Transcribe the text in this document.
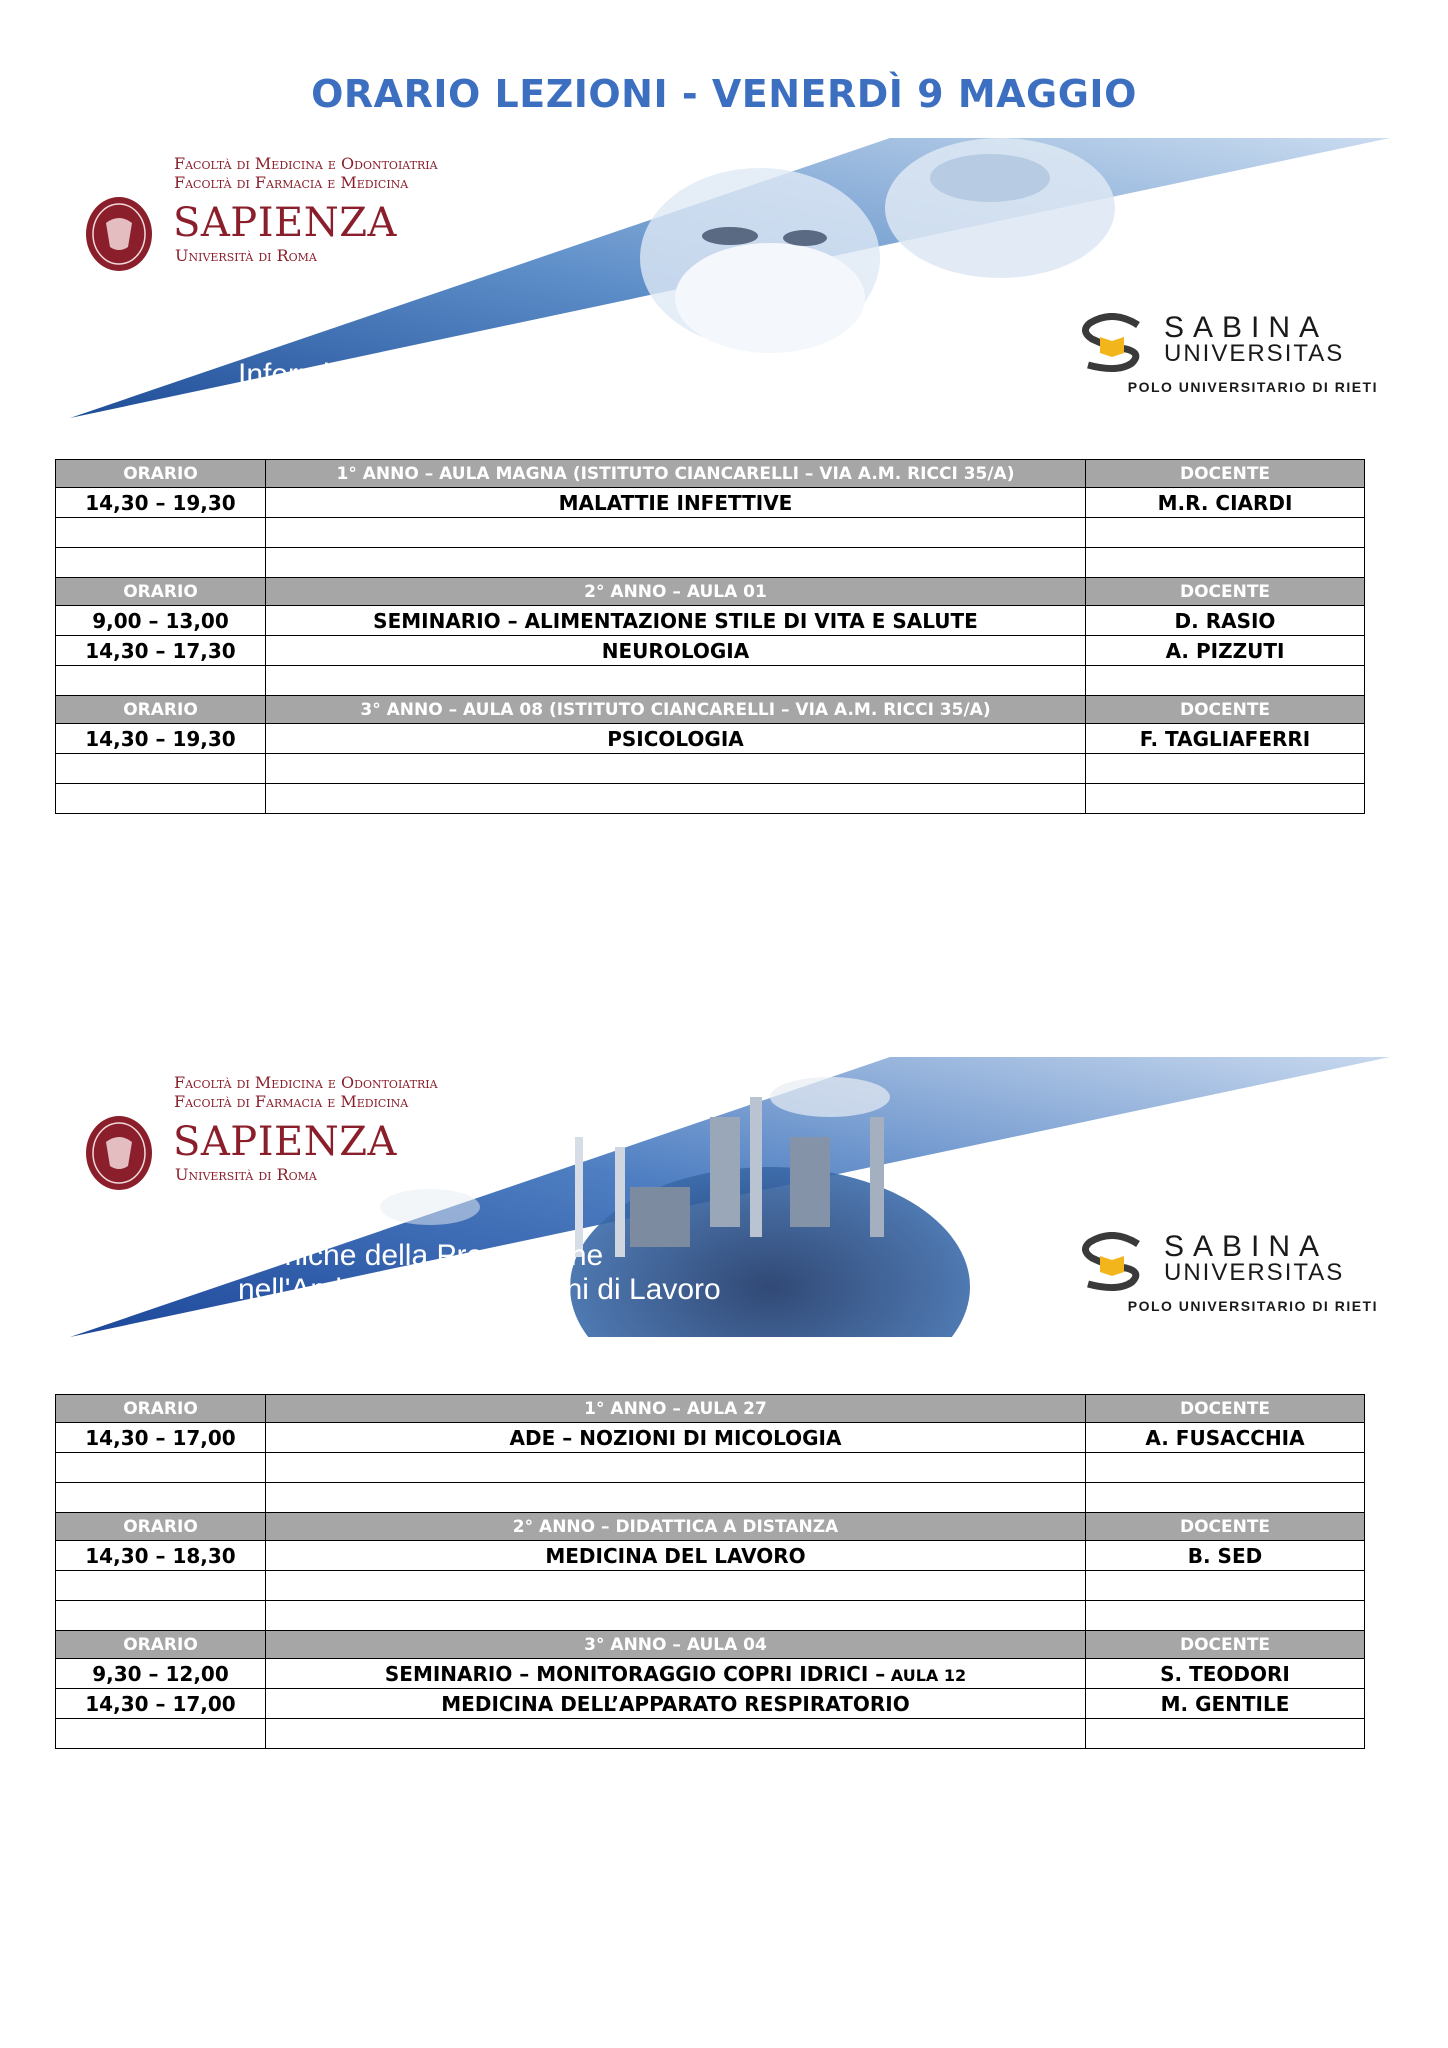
ORARIO LEZIONI - VENERDÌ 9 MAGGIO
Facoltà di Medicina e Odontoiatria
Facoltà di Farmacia e Medicina
SAPIENZA
Università di Roma
Infermieristica
SABINA
UNIVERSITAS
POLO UNIVERSITARIO DI RIETI
ORARIO	1° ANNO – AULA MAGNA (ISTITUTO CIANCARELLI – VIA A.M. RICCI 35/A)	DOCENTE
14,30 – 19,30	MALATTIE INFETTIVE	M.R. CIARDI

ORARIO	2° ANNO – AULA 01	DOCENTE
9,00 – 13,00	SEMINARIO – ALIMENTAZIONE STILE DI VITA E SALUTE	D. RASIO
14,30 – 17,30	NEUROLOGIA	A. PIZZUTI

ORARIO	3° ANNO – AULA 08 (ISTITUTO CIANCARELLI – VIA A.M. RICCI 35/A)	DOCENTE
14,30 – 19,30	PSICOLOGIA	F. TAGLIAFERRI

Facoltà di Medicina e Odontoiatria
Facoltà di Farmacia e Medicina
SAPIENZA
Università di Roma
Tecniche della Prevenzione
nell'Ambiente e nei Luoghi di Lavoro
SABINA
UNIVERSITAS
POLO UNIVERSITARIO DI RIETI
ORARIO	1° ANNO – AULA 27	DOCENTE
14,30 – 17,00	ADE – NOZIONI DI MICOLOGIA	A. FUSACCHIA

ORARIO	2° ANNO – DIDATTICA A DISTANZA	DOCENTE
14,30 – 18,30	MEDICINA DEL LAVORO	B. SED

ORARIO	3° ANNO – AULA 04	DOCENTE
9,30 – 12,00	SEMINARIO – MONITORAGGIO COPRI IDRICI – AULA 12	S. TEODORI
14,30 – 17,00	MEDICINA DELL’APPARATO RESPIRATORIO	M. GENTILE
